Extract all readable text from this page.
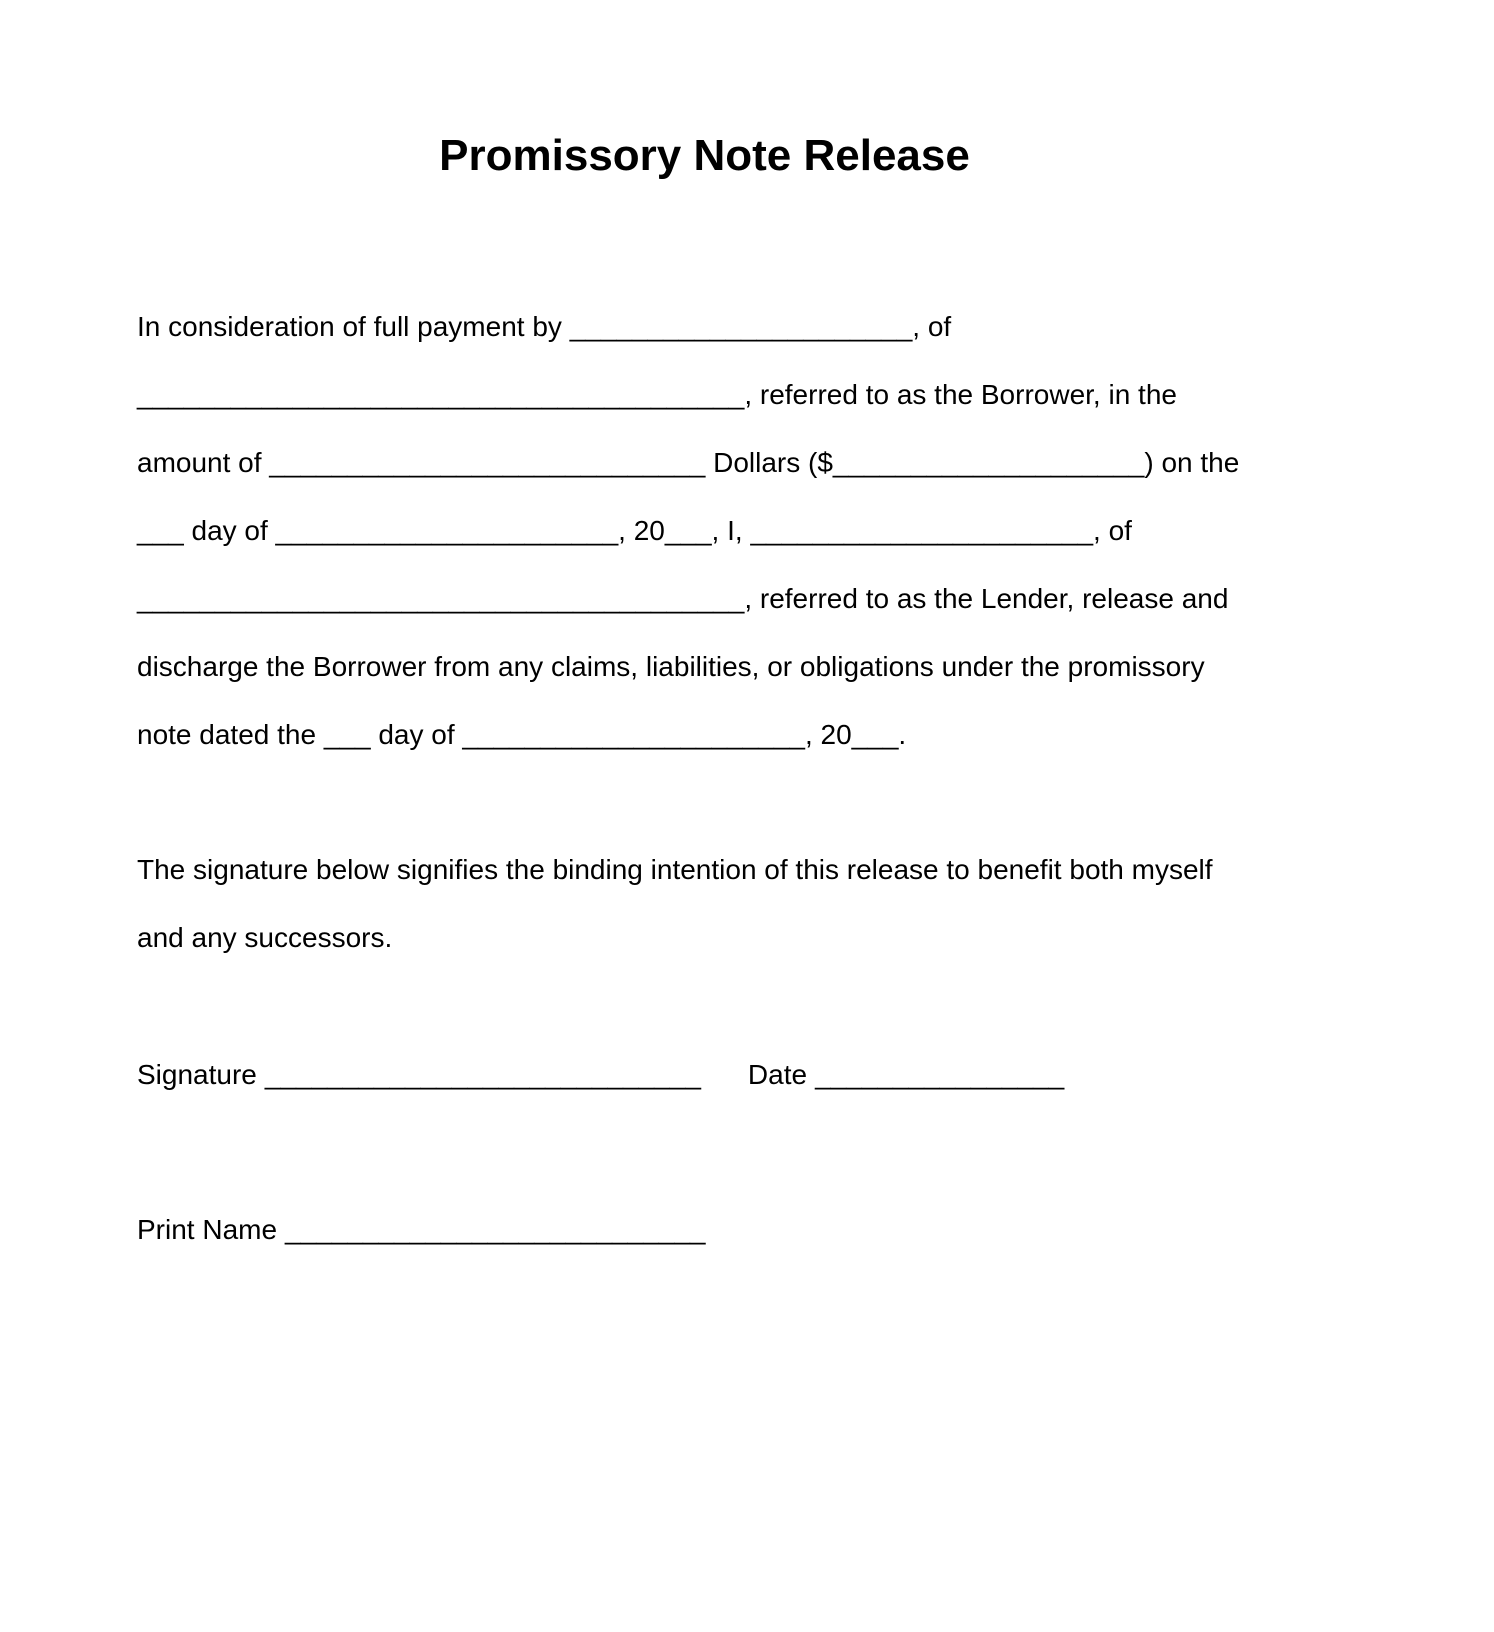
Promissory Note Release
In consideration of full payment by ______________________, of
_______________________________________, referred to as the Borrower, in the
amount of ____________________________ Dollars ($____________________) on the
___ day of ______________________, 20___, I, ______________________, of
_______________________________________, referred to as the Lender, release and
discharge the Borrower from any claims, liabilities, or obligations under the promissory
note dated the ___ day of ______________________, 20___.
The signature below signifies the binding intention of this release to benefit both myself
and any successors.
Signature ____________________________ Date ________________
Print Name ___________________________
